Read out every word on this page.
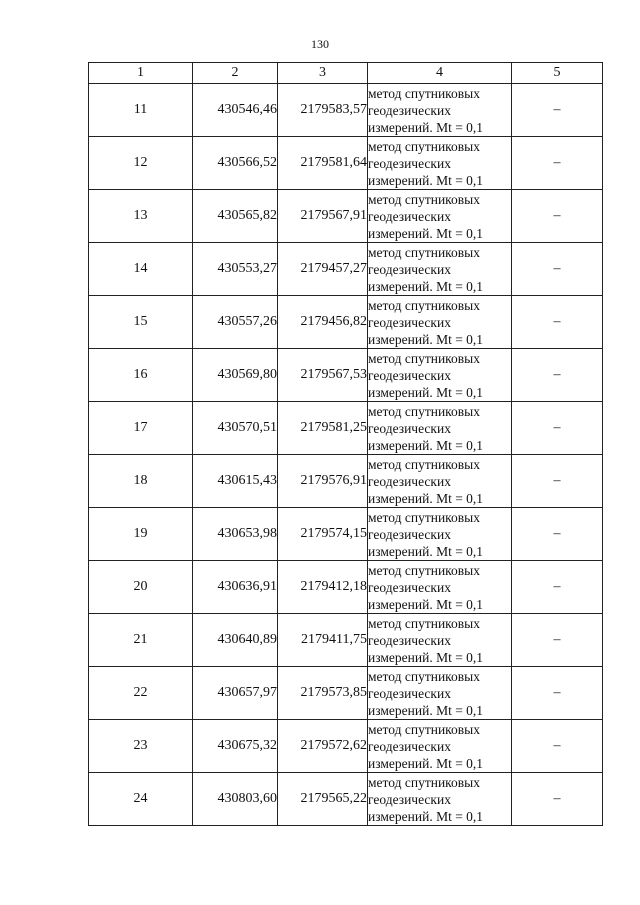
130
1	2	3	4	5
11	430546,46	2179583,57	метод спутниковых
геодезических
измерений. Mt = 0,1	–
12	430566,52	2179581,64	метод спутниковых
геодезических
измерений. Mt = 0,1	–
13	430565,82	2179567,91	метод спутниковых
геодезических
измерений. Mt = 0,1	–
14	430553,27	2179457,27	метод спутниковых
геодезических
измерений. Mt = 0,1	–
15	430557,26	2179456,82	метод спутниковых
геодезических
измерений. Mt = 0,1	–
16	430569,80	2179567,53	метод спутниковых
геодезических
измерений. Mt = 0,1	–
17	430570,51	2179581,25	метод спутниковых
геодезических
измерений. Mt = 0,1	–
18	430615,43	2179576,91	метод спутниковых
геодезических
измерений. Mt = 0,1	–
19	430653,98	2179574,15	метод спутниковых
геодезических
измерений. Mt = 0,1	–
20	430636,91	2179412,18	метод спутниковых
геодезических
измерений. Mt = 0,1	–
21	430640,89	2179411,75	метод спутниковых
геодезических
измерений. Mt = 0,1	–
22	430657,97	2179573,85	метод спутниковых
геодезических
измерений. Mt = 0,1	–
23	430675,32	2179572,62	метод спутниковых
геодезических
измерений. Mt = 0,1	–
24	430803,60	2179565,22	метод спутниковых
геодезических
измерений. Mt = 0,1	–
